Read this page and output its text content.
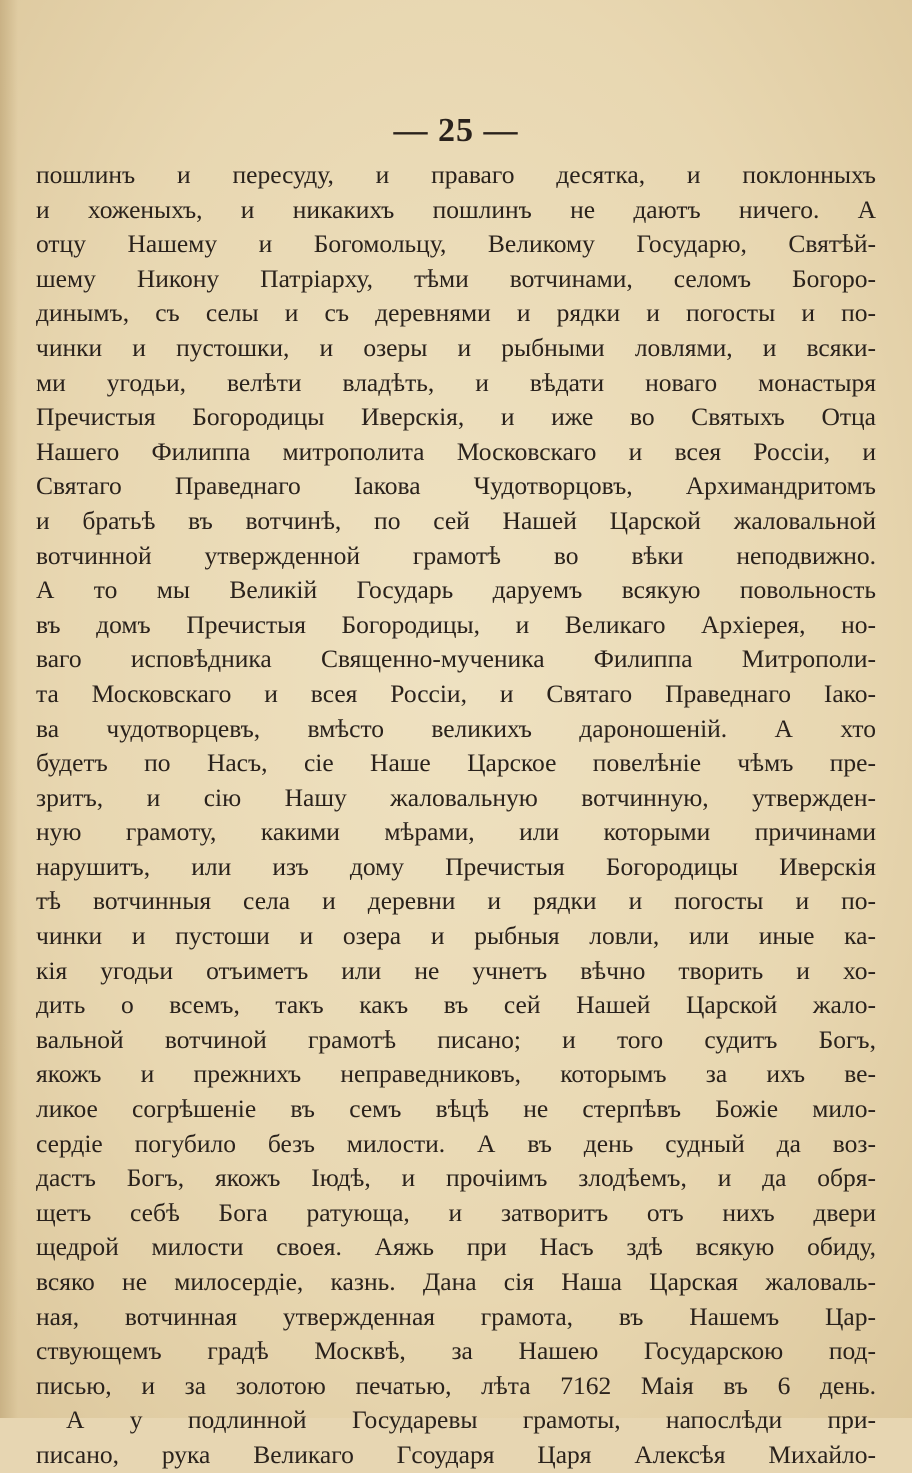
— 25 —
пошлинъ и пересуду, и праваго десятка, и поклонныхъ
и хоженыхъ, и никакихъ пошлинъ не даютъ ничего. А
отцу Нашему и Богомольцу, Великому Государю, Святѣй-
шему Никону Патріарху, тѣми вотчинами, селомъ Богоро-
динымъ, съ селы и съ деревнями и рядки и погосты и по-
чинки и пустошки, и озеры и рыбными ловлями, и всяки-
ми угодьи, велѣти владѣть, и вѣдати новаго монастыря
Пречистыя Богородицы Иверскія, и иже во Святыхъ Отца
Нашего Филиппа митрополита Московскаго и всея Россіи, и
Святаго Праведнаго Іакова Чудотворцовъ, Архимандритомъ
и братьѣ въ вотчинѣ, по сей Нашей Царской жаловальной
вотчинной утвержденной грамотѣ во вѣки неподвижно.
А то мы Великій Государь даруемъ всякую повольность
въ домъ Пречистыя Богородицы, и Великаго Архіерея, но-
ваго исповѣдника Священно-мученика Филиппа Митрополи-
та Московскаго и всея Россіи, и Святаго Праведнаго Іако-
ва чудотворцевъ, вмѣсто великихъ дароношеній. А хто
будетъ по Насъ, сіе Наше Царское повелѣніе чѣмъ пре-
зритъ, и сію Нашу жаловальную вотчинную, утвержден-
ную грамоту, какими мѣрами, или которыми причинами
нарушитъ, или изъ дому Пречистыя Богородицы Иверскія
тѣ вотчинныя села и деревни и рядки и погосты и по-
чинки и пустоши и озера и рыбныя ловли, или иные ка-
кія угодьи отъиметъ или не учнетъ вѣчно творить и хо-
дить о всемъ, такъ какъ въ сей Нашей Царской жало-
вальной вотчиной грамотѣ писано; и того судитъ Богъ,
якожъ и прежнихъ неправедниковъ, которымъ за ихъ ве-
ликое согрѣшеніе въ семъ вѣцѣ не стерпѣвъ Божіе мило-
сердіе погубило безъ милости. А въ день судный да воз-
дастъ Богъ, якожъ Іюдѣ, и прочіимъ злодѣемъ, и да обря-
щетъ себѣ Бога ратующа, и затворитъ отъ нихъ двери
щедрой милости своея. Аяжь при Насъ здѣ всякую обиду,
всяко не милосердіе, казнь. Дана сія Наша Царская жаловаль-
ная, вотчинная утвержденная грамота, въ Нашемъ Цар-
ствующемъ градѣ Москвѣ, за Нашею Государскою под-
писью, и за золотою печатью, лѣта 7162 Маія въ 6 день.
А у подлинной Государевы грамоты, напослѣди при-
писано, рука Великаго Гсоударя Царя Алексѣя Михайло-
